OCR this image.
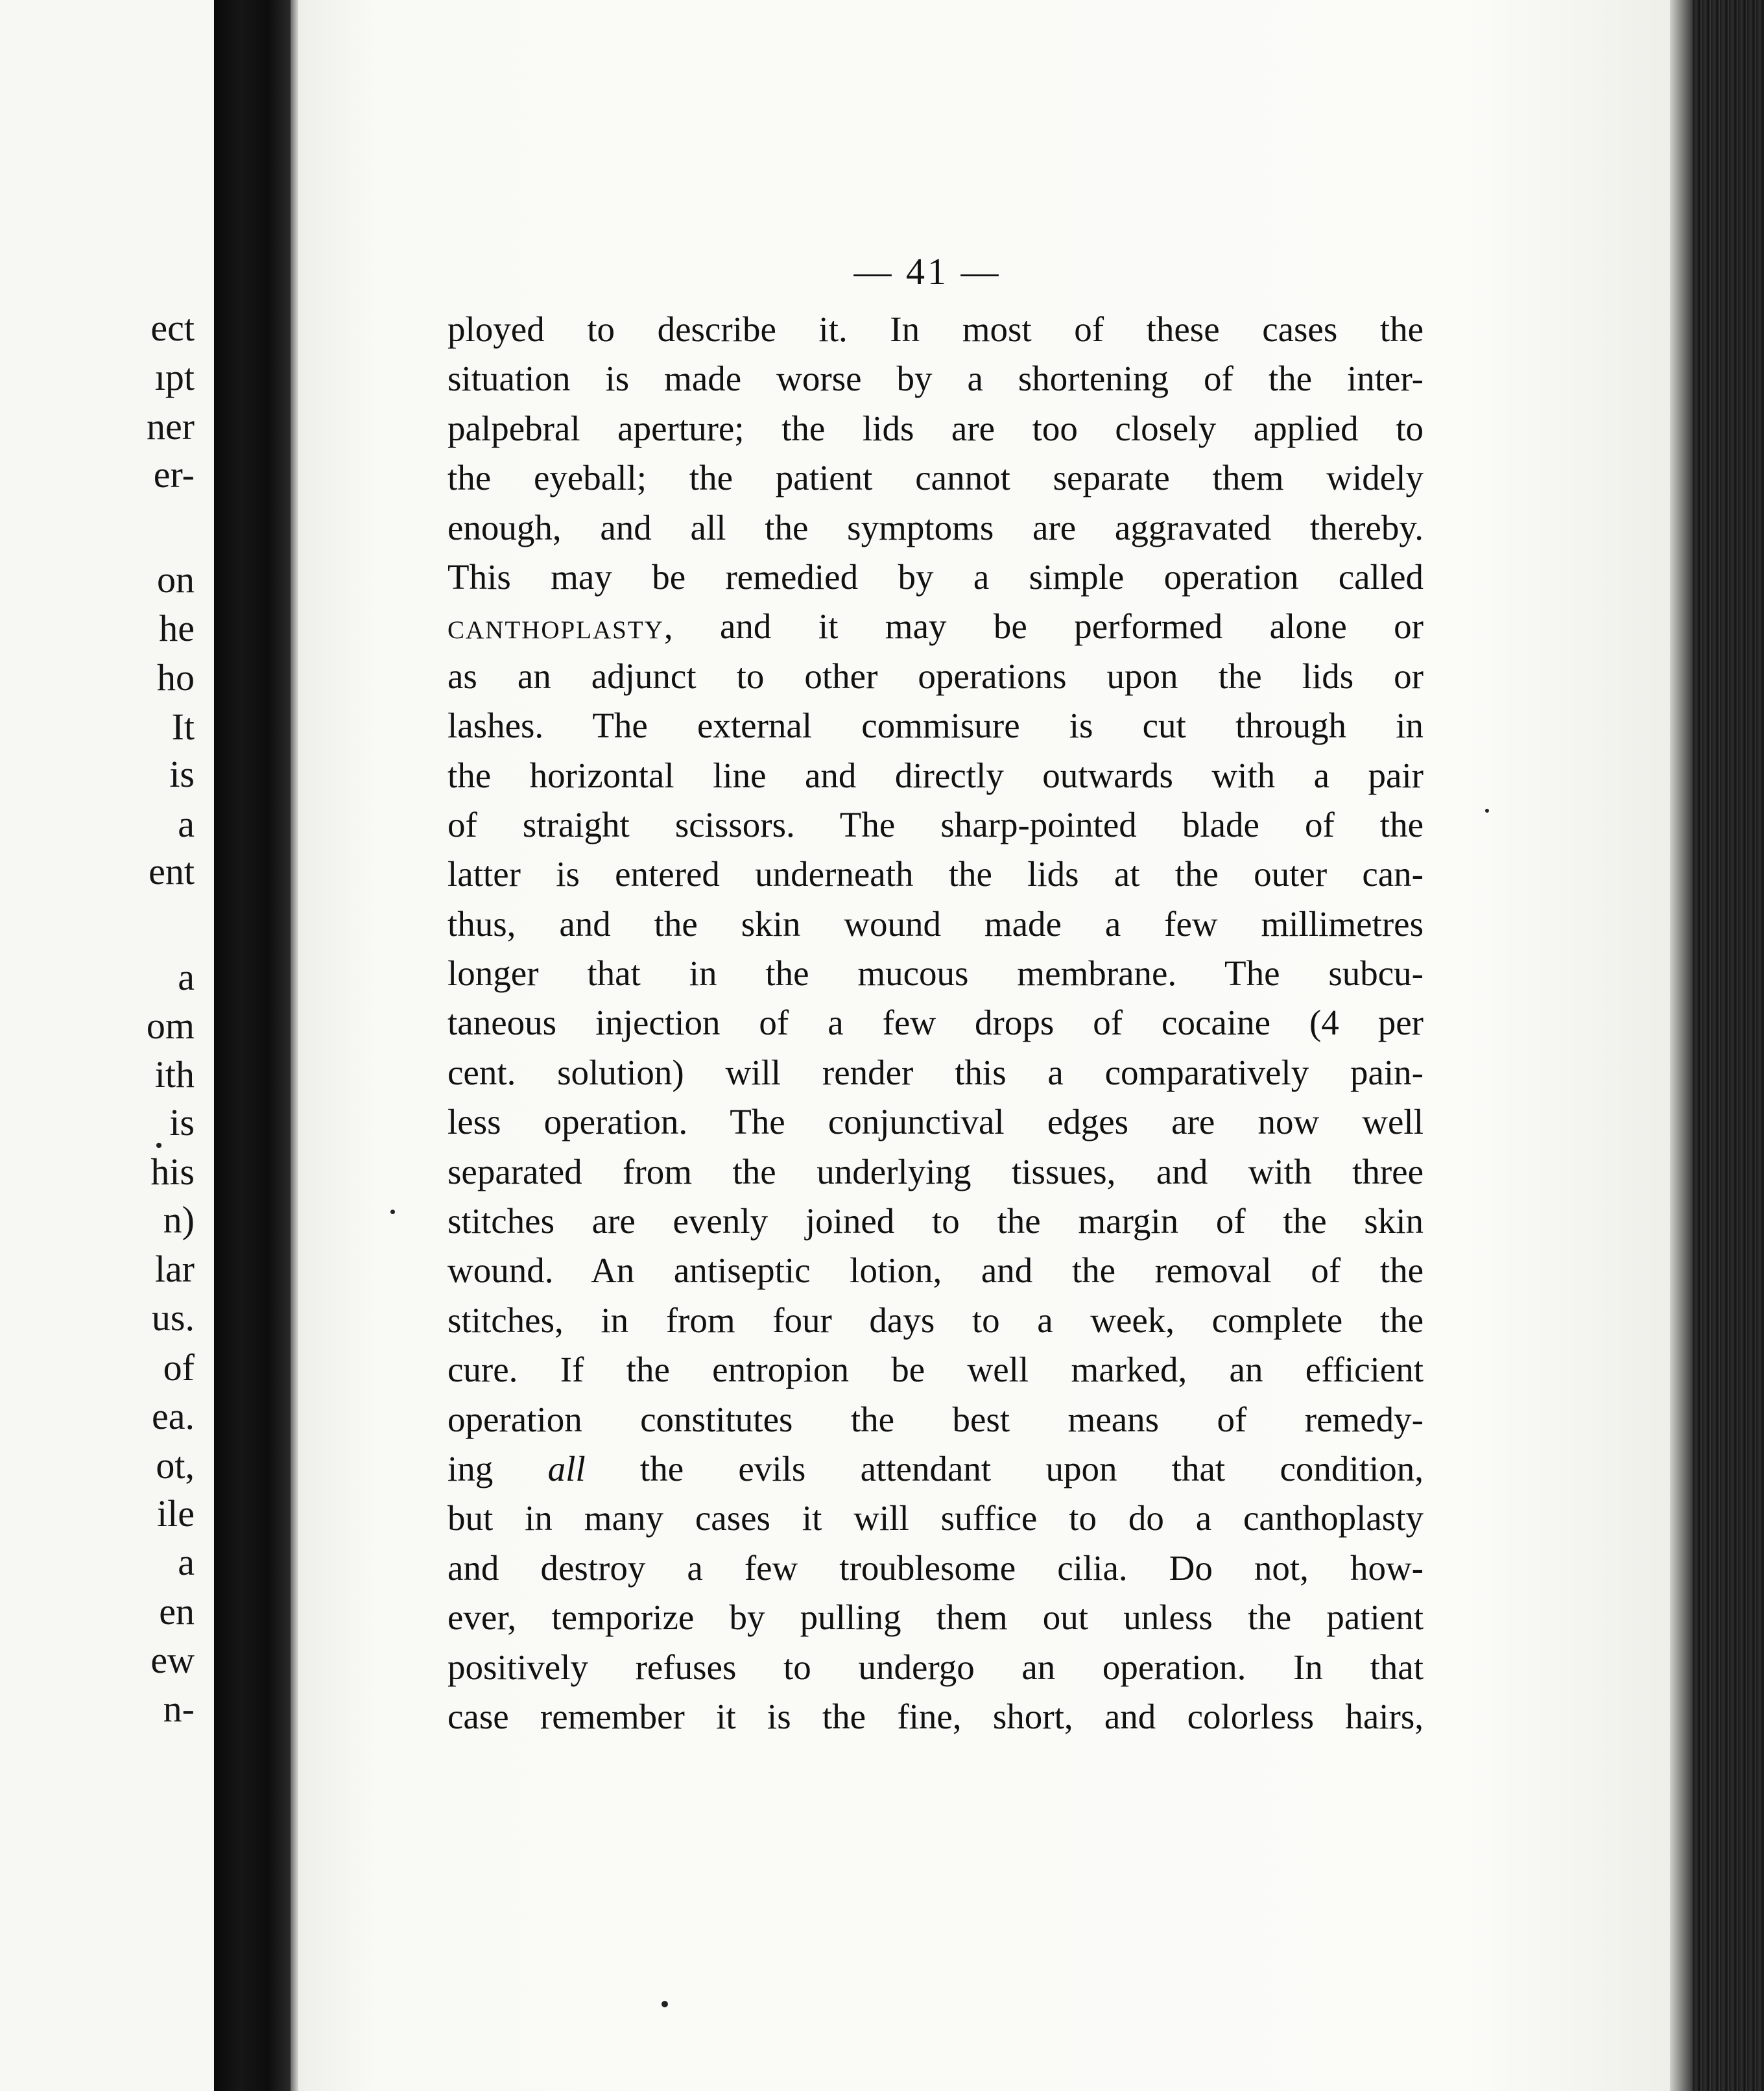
ect
ıpt
ner
er-
on
he
ho
It
is
a
ent
a
om
ith
is
his
n)
lar
us.
of
ea.
ot,
ile
a
en
ew
n-
— 41 —
ployed to describe it. In most of these cases the
situation is made worse by a shortening of the inter-
palpebral aperture; the lids are too closely applied to
the eyeball; the patient cannot separate them widely
enough, and all the symptoms are aggravated thereby.
This may be remedied by a simple operation called
canthoplasty, and it may be performed alone or
as an adjunct to other operations upon the lids or
lashes. The external commisure is cut through in
the horizontal line and directly outwards with a pair
of straight scissors. The sharp-pointed blade of the
latter is entered underneath the lids at the outer can-
thus, and the skin wound made a few millimetres
longer that in the mucous membrane. The subcu-
taneous injection of a few drops of cocaine (4 per
cent. solution) will render this a comparatively pain-
less operation. The conjunctival edges are now well
separated from the underlying tissues, and with three
stitches are evenly joined to the margin of the skin
wound. An antiseptic lotion, and the removal of the
stitches, in from four days to a week, complete the
cure. If the entropion be well marked, an efficient
operation constitutes the best means of remedy-
ing all the evils attendant upon that condition,
but in many cases it will suffice to do a canthoplasty
and destroy a few troublesome cilia. Do not, how-
ever, temporize by pulling them out unless the patient
positively refuses to undergo an operation. In that
case remember it is the fine, short, and colorless hairs,
